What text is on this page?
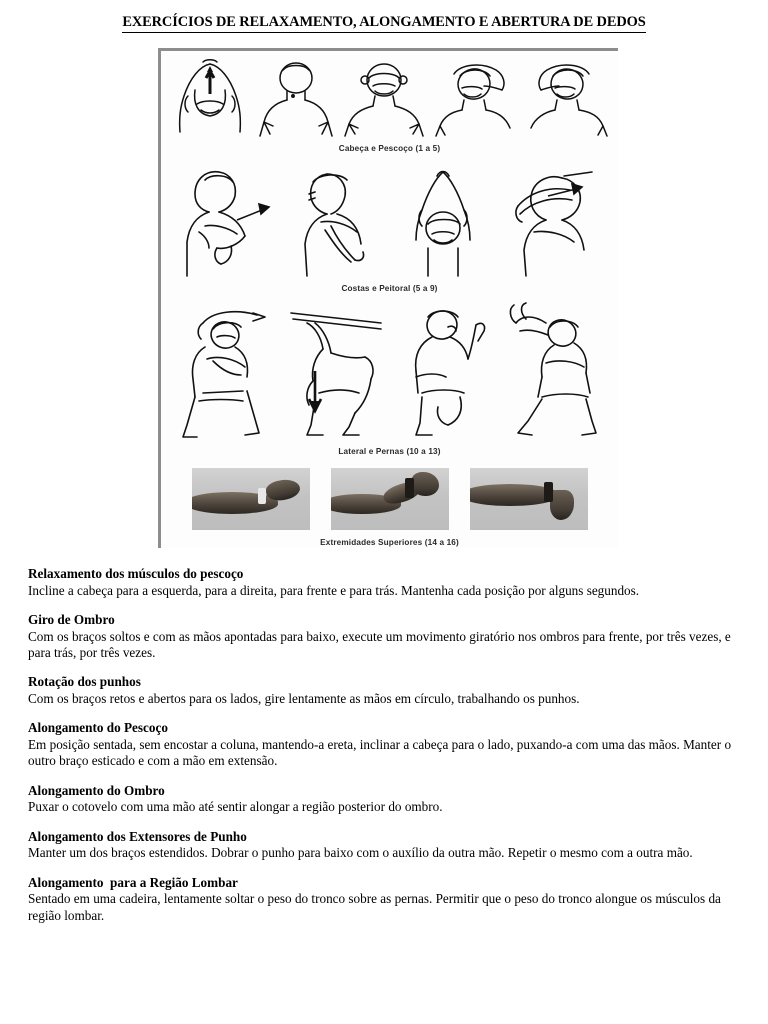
EXERCÍCIOS DE RELAXAMENTO, ALONGAMENTO E ABERTURA DE DEDOS
Cabeça e Pescoço (1 a 5)
Costas e Peitoral (5 a 9)
Lateral e Pernas (10 a 13)
Extremidades Superiores (14 a 16)
Relaxamento dos músculos do pescoço
Incline a cabeça para a esquerda, para a direita, para frente e para trás. Mantenha cada posição por alguns segundos.
Giro de Ombro
Com os braços soltos e com as mãos apontadas para baixo, execute um movimento giratório nos ombros para frente, por três vezes, e para trás, por três vezes.
Rotação dos punhos
Com os braços retos e abertos para os lados, gire lentamente as mãos em círculo, trabalhando os punhos.
Alongamento do Pescoço
Em posição sentada, sem encostar a coluna, mantendo-a ereta, inclinar a cabeça para o lado, puxando-a com uma das mãos. Manter o outro braço esticado e com a mão em extensão.
Alongamento do Ombro
Puxar o cotovelo com uma mão até sentir alongar a região posterior do ombro.
Alongamento dos Extensores de Punho
Manter um dos braços estendidos. Dobrar o punho para baixo com o auxílio da outra mão. Repetir o mesmo com a outra mão.
Alongamento  para a Região Lombar
Sentado em uma cadeira, lentamente soltar o peso do tronco sobre as pernas. Permitir que o peso do tronco alongue os músculos da região lombar.
